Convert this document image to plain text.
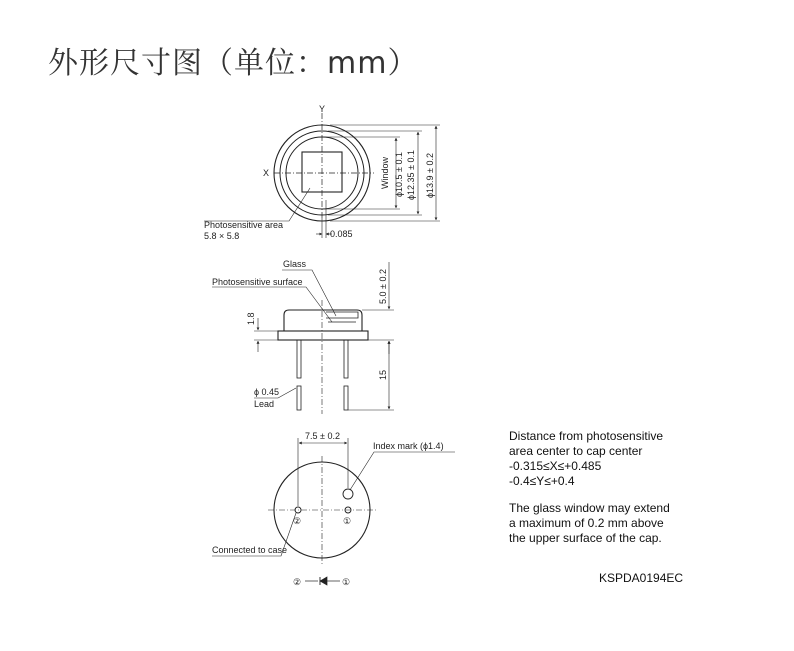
外形尺寸图（单位：mm）
Y
X	Window ϕ10.5 ± 0.1 ϕ12.35 ± 0.1 ϕ13.9 ± 0.2
Photosensitive area
5.8 × 5.8	0.085
Glass
Photosensitive surface	5.0 ± 0.2
15
1.8
ϕ 0.45
Lead
②	①
7.5 ± 0.2
Index mark (ϕ1.4)
Connected to case
②	①

Distance from photosensitive
area center to cap center
-0.315≤X≤+0.485
-0.4≤Y≤+0.4

The glass window may extend
a maximum of 0.2 mm above
the upper surface of the cap.

KSPDA0194EC
